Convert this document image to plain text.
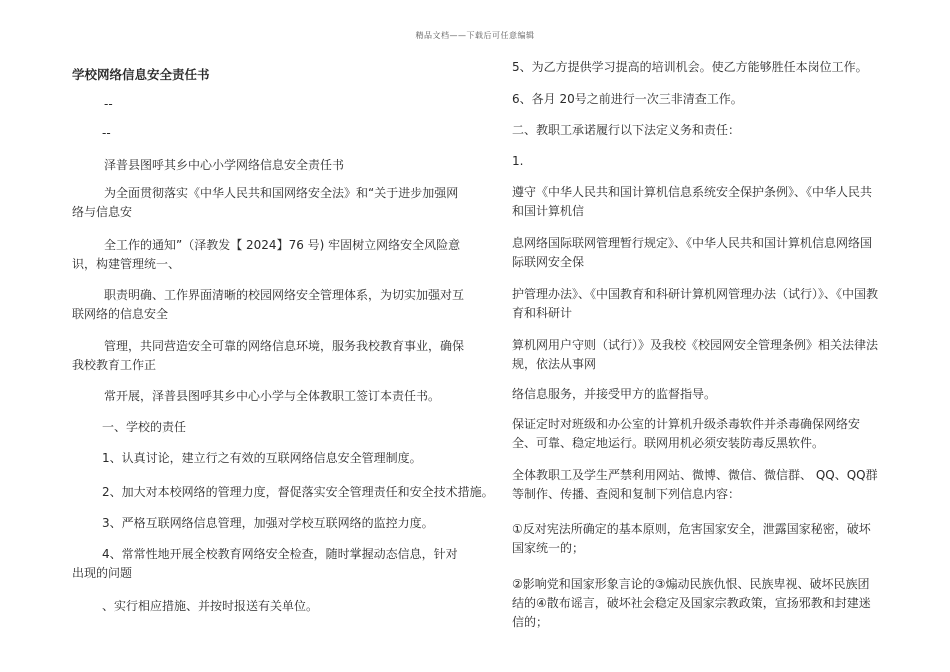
精品文档——下载后可任意编辑
学校网络信息安全责任书
--
--
泽普县图呼其乡中心小学网络信息安全责任书
为全面贯彻落实《中华人民共和国网络安全法》和“关于进步加强网络与信息安
全工作的通知”（泽教发【 2024】76 号) 牢固树立网络安全风险意识，构建管理统一、
职责明确、工作界面清晰的校园网络安全管理体系，为切实加强对互联网络的信息安全
管理，共同营造安全可靠的网络信息环境，服务我校教育事业，确保我校教育工作正
常开展，泽普县图呼其乡中心小学与全体教职工签订本责任书。
一、学校的责任
1、认真讨论，建立行之有效的互联网络信息安全管理制度。
2、加大对本校网络的管理力度，督促落实安全管理责任和安全技术措施。
3、严格互联网络信息管理，加强对学校互联网络的监控力度。
4、常常性地开展全校教育网络安全检查，随时掌握动态信息，针对出现的问题
、实行相应措施、并按时报送有关单位。
5、为乙方提供学习提高的培训机会。使乙方能够胜任本岗位工作。
6、各月 20号之前进行一次三非清查工作。
二、教职工承诺履行以下法定义务和责任：
1.
遵守《中华人民共和国计算机信息系统安全保护条例》、《中华人民共和国计算机信
息网络国际联网管理暂行规定》、《中华人民共和国计算机信息网络国际联网安全保
护管理办法》、《中国教育和科研计算机网管理办法（试行）》、《中国教育和科研计
算机网用户守则（试行）》及我校《校园网安全管理条例》相关法律法规，依法从事网
络信息服务，并接受甲方的监督指导。
保证定时对班级和办公室的计算机升级杀毒软件并杀毒确保网络安全、可靠、稳定地运行。联网用机必须安装防毒反黑软件。
全体教职工及学生严禁利用网站、微博、微信、微信群、 QQ、QQ群等制作、传播、查阅和复制下列信息内容：
①反对宪法所确定的基本原则，危害国家安全，泄露国家秘密，破坏国家统一的；
②影响党和国家形象言论的③煽动民族仇恨、民族卑视、破坏民族团结的④散布谣言，破坏社会稳定及国家宗教政策，宣扬邪教和封建迷信的；
